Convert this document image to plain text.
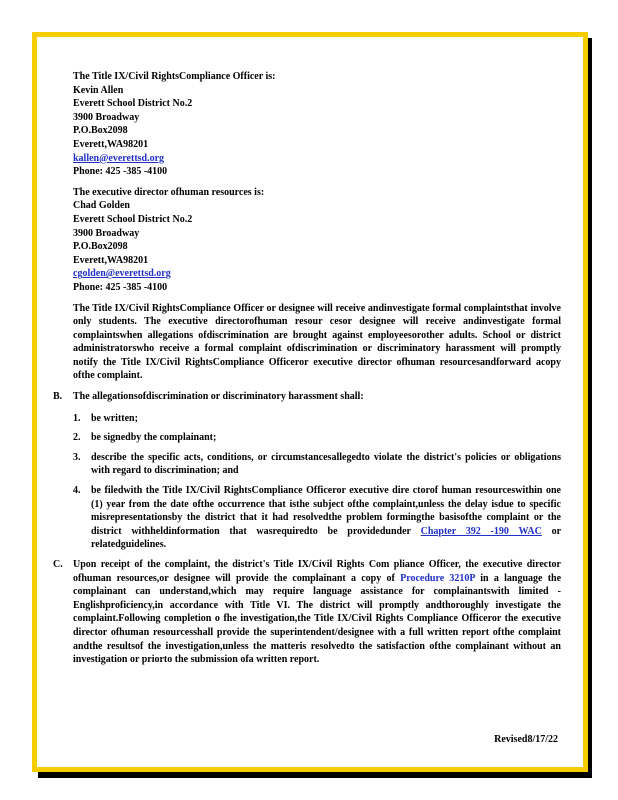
The Title IX/Civil RightsCompliance Officer is:
Kevin Allen
Everett School District No.2
3900 Broadway
P.O.Box2098
Everett,WA98201
kallen@everettsd.org
Phone: 425 -385 -4100
The executive director ofhuman resources is:
Chad Golden
Everett School District No.2
3900 Broadway
P.O.Box2098
Everett,WA98201
cgolden@everettsd.org
Phone: 425 -385 -4100
The Title IX/Civil RightsCompliance Officer or designee will receive andinvestigate formal complaintsthat involve only students. The executive directorofhuman resour cesor designee will receive andinvestigate formal complaintswhen allegations ofdiscrimination are brought against employeesorother adults. School or district administratorswho receive a formal complaint ofdiscrimination or discriminatory harassment will promptly notify the Title IX/Civil RightsCompliance Officeror executive director ofhuman resourcesandforward acopy ofthe complaint.
B. The allegationsofdiscrimination or discriminatory harassment shall:
1. be written;
2. be signedby the complainant;
3. describe the specific acts, conditions, or circumstancesallegedto violate the district's policies or obligations with regard to discrimination; and
4. be filedwith the Title IX/Civil RightsCompliance Officeror executive dire ctorof human resourceswithin one (1) year from the date ofthe occurrence that isthe subject ofthe complaint,unless the delay isdue to specific misrepresentationsby the district that it had resolvedthe problem formingthe basisofthe complaint or the district withheldinformation that wasrequiredto be providedunder Chapter 392 -190 WAC or relatedguidelines.
C. Upon receipt of the complaint, the district's Title IX/Civil Rights Com pliance Officer, the executive director ofhuman resources,or designee will provide the complainant a copy of Procedure 3210P in a language the complainant can understand,which may require language assistance for complainantswith limited -Englishproficiency,in accordance with Title VI. The district will promptly andthoroughly investigate the complaint.Following completion o fhe investigation,the Title IX/Civil Rights Compliance Officeror the executive director ofhuman resourcesshall provide the superintendent/designee with a full written report ofthe complaint andthe resultsof the investigation,unless the matteris resolvedto the satisfaction ofthe complainant without an investigation or priorto the submission ofa written report.
Revised8/17/22
